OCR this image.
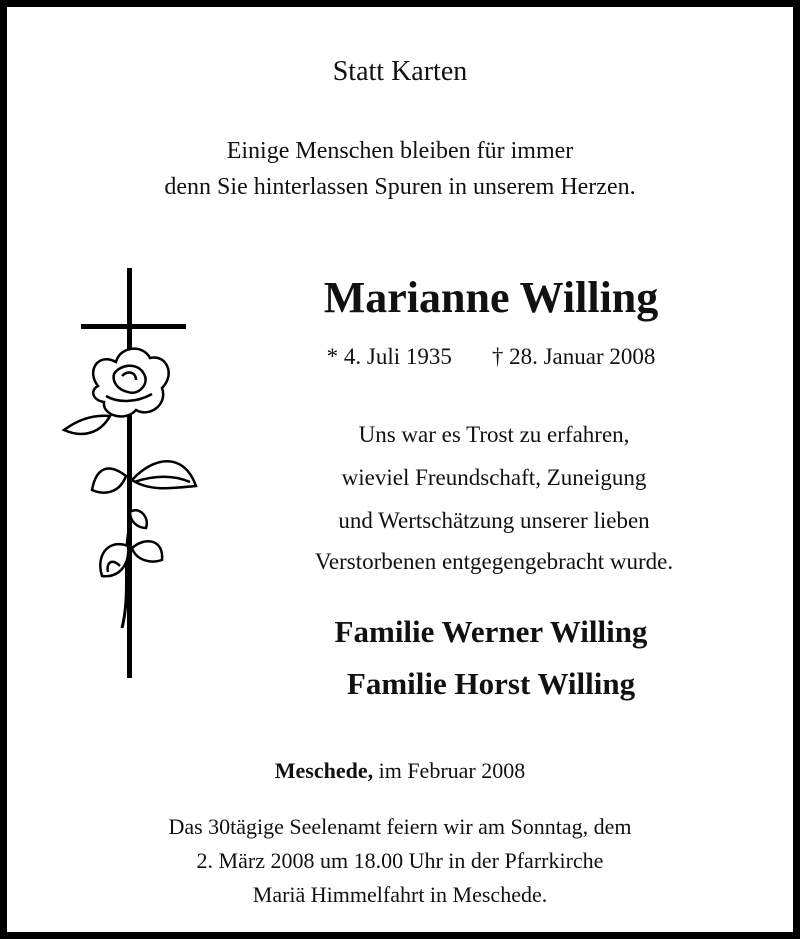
Statt Karten
Einige Menschen bleiben für immer
denn Sie hinterlassen Spuren in unserem Herzen.
Marianne Willing
* 4. Juli 1935 † 28. Januar 2008
Uns war es Trost zu erfahren,
wieviel Freundschaft, Zuneigung
und Wertschätzung unserer lieben
Verstorbenen entgegengebracht wurde.
Familie Werner Willing
Familie Horst Willing
Meschede, im Februar 2008
Das 30tägige Seelenamt feiern wir am Sonntag, dem
2. März 2008 um 18.00 Uhr in der Pfarrkirche
Mariä Himmelfahrt in Meschede.
